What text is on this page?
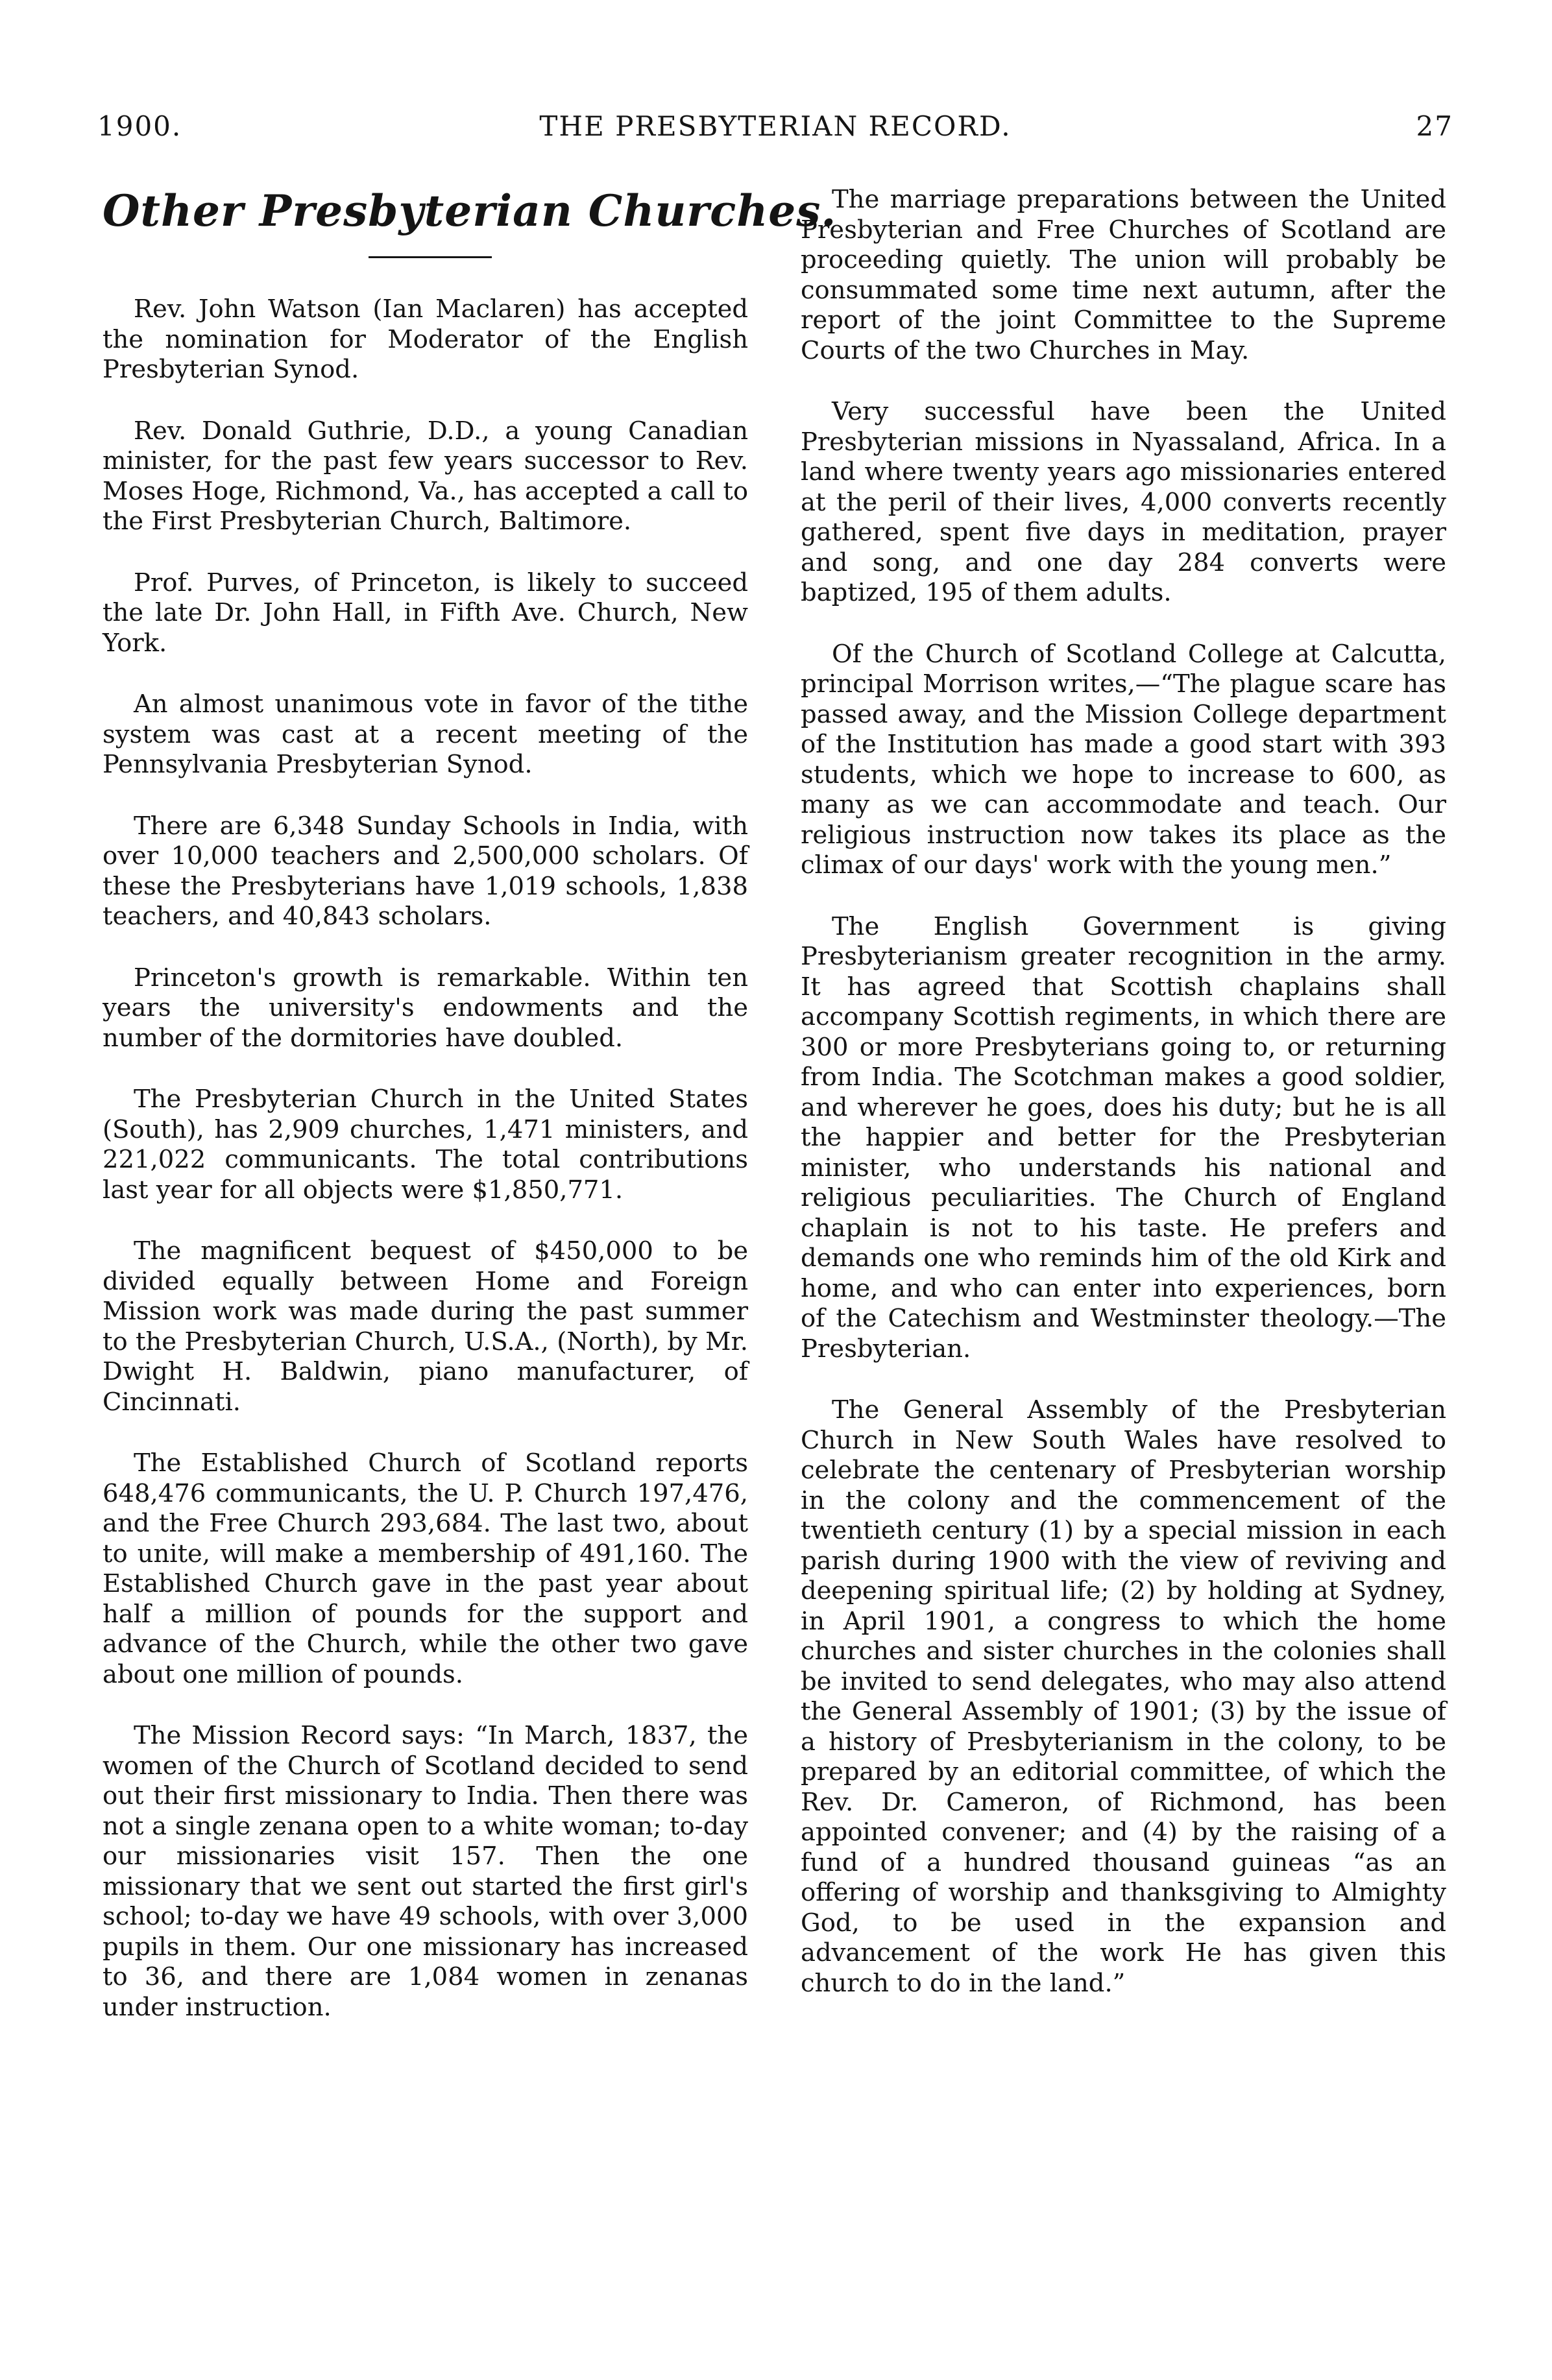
1900.	THE PRESBYTERIAN RECORD.	27
Other Presbyterian Churches.

Rev. John Watson (Ian Maclaren) has accepted the nomination for Moderator of the English Presbyterian Synod.

Rev. Donald Guthrie, D.D., a young Canadian minister, for the past few years successor to Rev. Moses Hoge, Richmond, Va., has accepted a call to the First Presbyterian Church, Baltimore.

Prof. Purves, of Princeton, is likely to succeed the late Dr. John Hall, in Fifth Ave. Church, New York.

An almost unanimous vote in favor of the tithe system was cast at a recent meeting of the Pennsylvania Presbyterian Synod.

There are 6,348 Sunday Schools in India, with over 10,000 teachers and 2,500,000 scholars. Of these the Presbyterians have 1,019 schools, 1,838 teachers, and 40,843 scholars.

Princeton's growth is remarkable. Within ten years the university's endowments and the number of the dormitories have doubled.

The Presbyterian Church in the United States (South), has 2,909 churches, 1,471 ministers, and 221,022 communicants. The total contributions last year for all objects were $1,850,771.

The magnificent bequest of $450,000 to be divided equally between Home and Foreign Mission work was made during the past summer to the Presbyterian Church, U.S.A., (North), by Mr. Dwight H. Baldwin, piano manufacturer, of Cincinnati.

The Established Church of Scotland reports 648,476 communicants, the U. P. Church 197,476, and the Free Church 293,684. The last two, about to unite, will make a membership of 491,160. The Established Church gave in the past year about half a million of pounds for the support and advance of the Church, while the other two gave about one million of pounds.

The Mission Record says: “In March, 1837, the women of the Church of Scotland decided to send out their first missionary to India. Then there was not a single zenana open to a white woman; to-day our missionaries visit 157. Then the one missionary that we sent out started the first girl's school; to-day we have 49 schools, with over 3,000 pupils in them. Our one missionary has increased to 36, and there are 1,084 women in zenanas under instruction.

The marriage preparations between the United Presbyterian and Free Churches of Scotland are proceeding quietly. The union will probably be consummated some time next autumn, after the report of the joint Committee to the Supreme Courts of the two Churches in May.

Very successful have been the United Presbyterian missions in Nyassaland, Africa. In a land where twenty years ago missionaries entered at the peril of their lives, 4,000 converts recently gathered, spent five days in meditation, prayer and song, and one day 284 converts were baptized, 195 of them adults.

Of the Church of Scotland College at Calcutta, principal Morrison writes,—“The plague scare has passed away, and the Mission College department of the Institution has made a good start with 393 students, which we hope to increase to 600, as many as we can accommodate and teach. Our religious instruction now takes its place as the climax of our days' work with the young men.”

The English Government is giving Presbyterianism greater recognition in the army. It has agreed that Scottish chaplains shall accompany Scottish regiments, in which there are 300 or more Presbyterians going to, or returning from India. The Scotchman makes a good soldier, and wherever he goes, does his duty; but he is all the happier and better for the Presbyterian minister, who understands his national and religious peculiarities. The Church of England chaplain is not to his taste. He prefers and demands one who reminds him of the old Kirk and home, and who can enter into experiences, born of the Catechism and Westminster theology.—The Presbyterian.

The General Assembly of the Presbyterian Church in New South Wales have resolved to celebrate the centenary of Presbyterian worship in the colony and the commencement of the twentieth century (1) by a special mission in each parish during 1900 with the view of reviving and deepening spiritual life; (2) by holding at Sydney, in April 1901, a congress to which the home churches and sister churches in the colonies shall be invited to send delegates, who may also attend the General Assembly of 1901; (3) by the issue of a history of Presbyterianism in the colony, to be prepared by an editorial committee, of which the Rev. Dr. Cameron, of Richmond, has been appointed convener; and (4) by the raising of a fund of a hundred thousand guineas “as an offering of worship and thanksgiving to Almighty God, to be used in the expansion and advancement of the work He has given this church to do in the land.”
